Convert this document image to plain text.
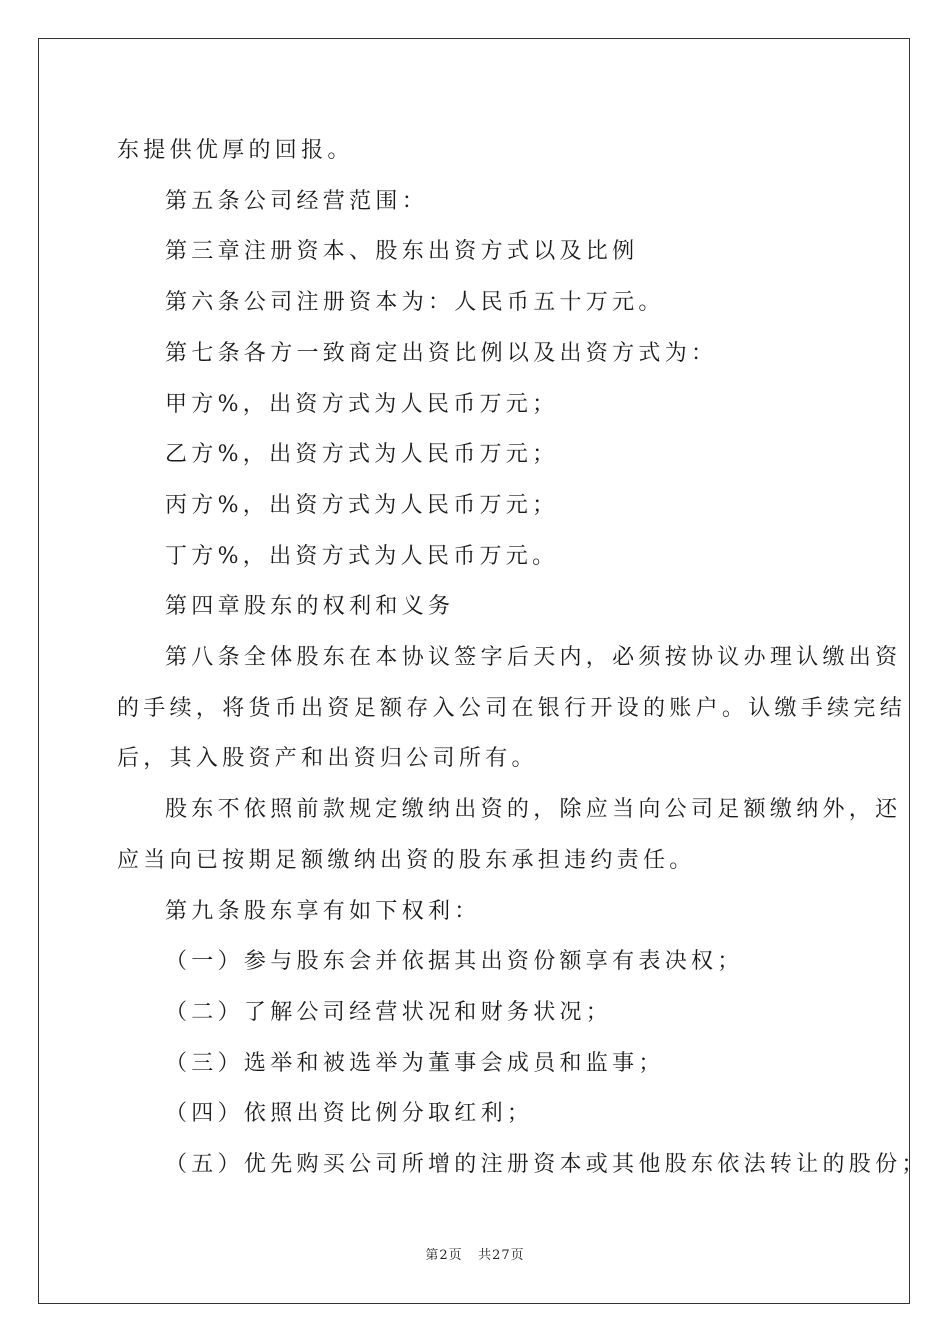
东提供优厚的回报。

第五条公司经营范围：

第三章注册资本、股东出资方式以及比例

第六条公司注册资本为：人民币五十万元。

第七条各方一致商定出资比例以及出资方式为：

甲方%，出资方式为人民币万元；

乙方%，出资方式为人民币万元；

丙方%，出资方式为人民币万元；

丁方%，出资方式为人民币万元。

第四章股东的权利和义务

第八条全体股东在本协议签字后天内，必须按协议办理认缴出资

的手续，将货币出资足额存入公司在银行开设的账户。认缴手续完结

后，其入股资产和出资归公司所有。

股东不依照前款规定缴纳出资的，除应当向公司足额缴纳外，还

应当向已按期足额缴纳出资的股东承担违约责任。

第九条股东享有如下权利：

（一）参与股东会并依据其出资份额享有表决权；

（二）了解公司经营状况和财务状况；

（三）选举和被选举为董事会成员和监事；

（四）依照出资比例分取红利；

（五）优先购买公司所增的注册资本或其他股东依法转让的股份；

第2页 共27页
